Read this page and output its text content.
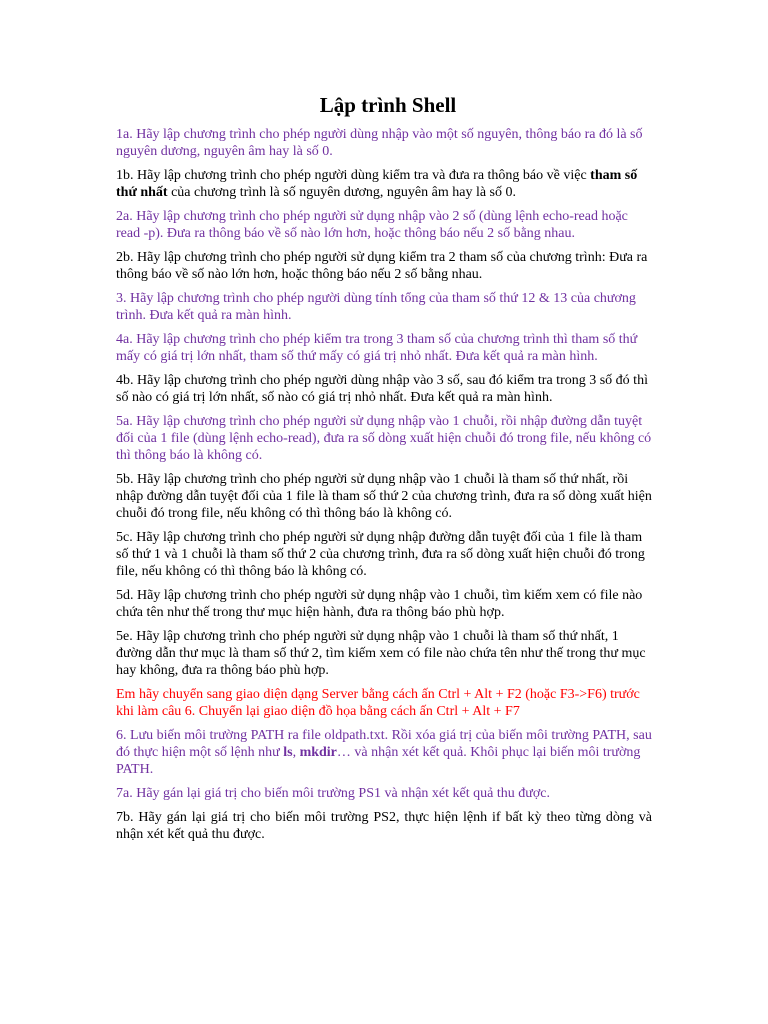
Lập trình Shell

1a. Hãy lập chương trình cho phép người dùng nhập vào một số nguyên, thông báo ra đó là số nguyên dương, nguyên âm hay là số 0.

1b. Hãy lập chương trình cho phép người dùng kiểm tra và đưa ra thông báo về việc tham số thứ nhất của chương trình là số nguyên dương, nguyên âm hay là số 0.

2a. Hãy lập chương trình cho phép người sử dụng nhập vào 2 số (dùng lệnh echo-read hoặc read -p). Đưa ra thông báo về số nào lớn hơn, hoặc thông báo nếu 2 số bằng nhau.

2b. Hãy lập chương trình cho phép người sử dụng kiểm tra 2 tham số của chương trình: Đưa ra thông báo về số nào lớn hơn, hoặc thông báo nếu 2 số bằng nhau.

3. Hãy lập chương trình cho phép người dùng tính tổng của tham số thứ 12 & 13 của chương trình. Đưa kết quả ra màn hình.

4a. Hãy lập chương trình cho phép kiểm tra trong 3 tham số của chương trình thì tham số thứ mấy có giá trị lớn nhất, tham số thứ mấy có giá trị nhỏ nhất. Đưa kết quả ra màn hình.

4b. Hãy lập chương trình cho phép người dùng nhập vào 3 số, sau đó kiểm tra trong 3 số đó thì số nào có giá trị lớn nhất, số nào có giá trị nhỏ nhất. Đưa kết quả ra màn hình.

5a. Hãy lập chương trình cho phép người sử dụng nhập vào 1 chuỗi, rồi nhập đường dẫn tuyệt đối của 1 file (dùng lệnh echo-read), đưa ra số dòng xuất hiện chuỗi đó trong file, nếu không có thì thông báo là không có.

5b. Hãy lập chương trình cho phép người sử dụng nhập vào 1 chuỗi là tham số thứ nhất, rồi nhập đường dẫn tuyệt đối của 1 file là tham số thứ 2 của chương trình, đưa ra số dòng xuất hiện chuỗi đó trong file, nếu không có thì thông báo là không có.

5c. Hãy lập chương trình cho phép người sử dụng nhập đường dẫn tuyệt đối của 1 file là tham số thứ 1 và 1 chuỗi là tham số thứ 2 của chương trình, đưa ra số dòng xuất hiện chuỗi đó trong file, nếu không có thì thông báo là không có.

5d. Hãy lập chương trình cho phép người sử dụng nhập vào 1 chuỗi, tìm kiếm xem có file nào chứa tên như thế trong thư mục hiện hành, đưa ra thông báo phù hợp.

5e. Hãy lập chương trình cho phép người sử dụng nhập vào 1 chuỗi là tham số thứ nhất, 1 đường dẫn thư mục là tham số thứ 2, tìm kiếm xem có file nào chứa tên như thế trong thư mục hay không, đưa ra thông báo phù hợp.

Em hãy chuyển sang giao diện dạng Server bằng cách ấn Ctrl + Alt + F2 (hoặc F3->F6) trước khi làm câu 6. Chuyển lại giao diện đồ họa bằng cách ấn Ctrl + Alt + F7

6. Lưu biến môi trường PATH ra file oldpath.txt. Rồi xóa giá trị của biến môi trường PATH, sau đó thực hiện một số lệnh như ls, mkdir… và nhận xét kết quả. Khôi phục lại biến môi trường PATH.

7a. Hãy gán lại giá trị cho biến môi trường PS1 và nhận xét kết quả thu được.

7b. Hãy gán lại giá trị cho biến môi trường PS2, thực hiện lệnh if bất kỳ theo từng dòng và nhận xét kết quả thu được.
